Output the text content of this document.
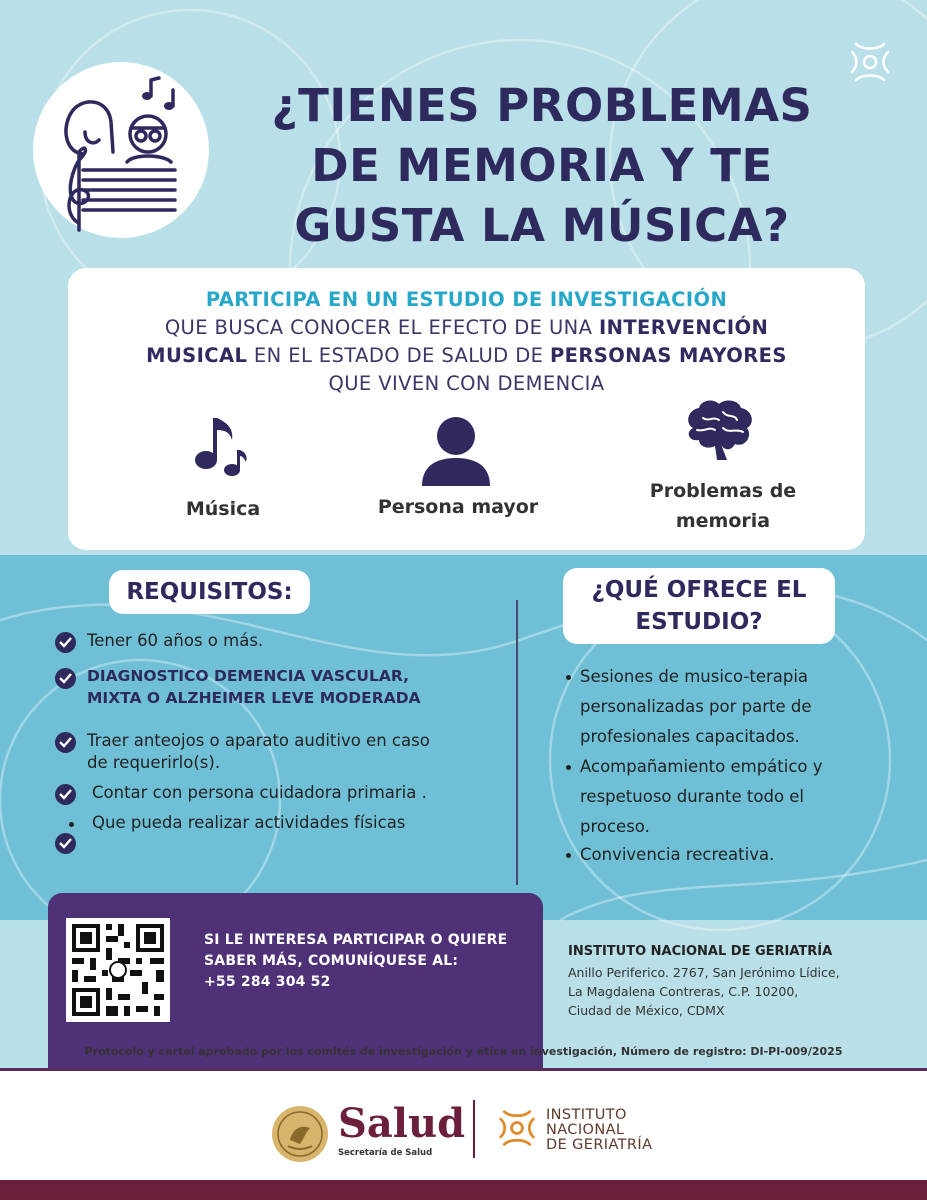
¿TIENES PROBLEMAS
DE MEMORIA Y TE
GUSTA LA MÚSICA?
PARTICIPA EN UN ESTUDIO DE INVESTIGACIÓN
QUE BUSCA CONOCER EL EFECTO DE UNA INTERVENCIÓN
MUSICAL EN EL ESTADO DE SALUD DE PERSONAS MAYORES
QUE VIVEN CON DEMENCIA
Música	Persona mayor
Problemas de
memoria
REQUISITOS:	¿QUÉ OFRECE EL
ESTUDIO?
Tener 60 años o más.
DIAGNOSTICO DEMENCIA VASCULAR,
MIXTA O ALZHEIMER LEVE MODERADA
Traer anteojos o aparato auditivo en caso
de requerirlo(s).
Contar con persona cuidadora primaria .
Que pueda realizar actividades físicas
Sesiones de musico-terapia
personalizadas por parte de
profesionales capacitados.
Acompañamiento empático y
respetuoso durante todo el
proceso.
Convivencia recreativa.
SI LE INTERESA PARTICIPAR O QUIERE
SABER MÁS, COMUNÍQUESE AL:
+55 284 304 52
INSTITUTO NACIONAL DE GERIATRÍA
Anillo Periferico. 2767, San Jerónimo Lídice,
La Magdalena Contreras, C.P. 10200,
Ciudad de México, CDMX
Protocolo y cartel aprobado por los comités de investigación y ética en investigación, Número de registro: DI-PI-009/2025
Salud
Secretaría de Salud
INSTITUTO
NACIONAL
DE GERIATRÍA
